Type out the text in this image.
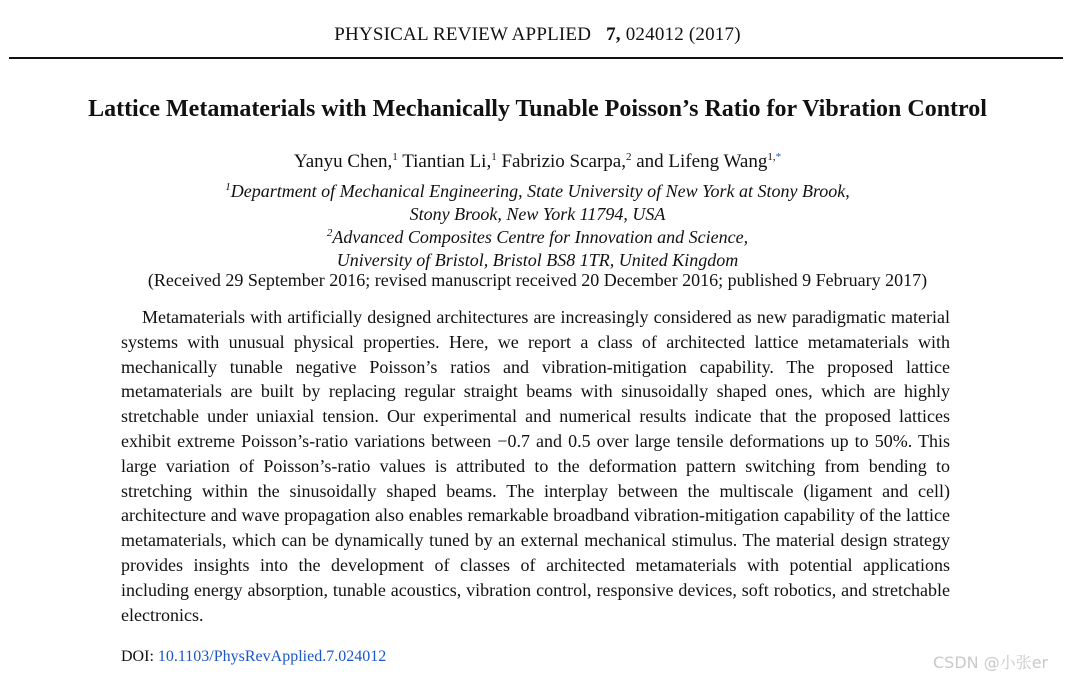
PHYSICAL REVIEW APPLIED 7, 024012 (2017)
Lattice Metamaterials with Mechanically Tunable Poisson’s Ratio for Vibration Control
Yanyu Chen,$^1$ Tiantian Li,$^1$ Fabrizio Scarpa,$^2$ and Lifeng Wang$^{1,*}$
$^1$Department of Mechanical Engineering, State University of New York at Stony Brook,
Stony Brook, New York 11794, USA
$^2$Advanced Composites Centre for Innovation and Science,
University of Bristol, Bristol BS8 1TR, United Kingdom
(Received 29 September 2016; revised manuscript received 20 December 2016; published 9 February 2017)

Metamaterials with artificially designed architectures are increasingly considered as new paradigmatic material systems with unusual physical properties. Here, we report a class of architected lattice metamaterials with mechanically tunable negative Poisson’s ratios and vibration-mitigation capability. The proposed lattice metamaterials are built by replacing regular straight beams with sinusoidally shaped ones, which are highly stretchable under uniaxial tension. Our experimental and numerical results indicate that the proposed lattices exhibit extreme Poisson’s-ratio variations between −0.7 and 0.5 over large tensile deformations up to 50%. This large variation of Poisson’s-ratio values is attributed to the deformation pattern switching from bending to stretching within the sinusoidally shaped beams. The interplay between the multiscale (ligament and cell) architecture and wave propagation also enables remarkable broadband vibration-mitigation capability of the lattice metamaterials, which can be dynamically tuned by an external mechanical stimulus. The material design strategy provides insights into the development of classes of architected metamaterials with potential applications including energy absorption, tunable acoustics, vibration control, responsive devices, soft robotics, and stretchable electronics.

DOI: 10.1103/PhysRevApplied.7.024012	CSDN @小张er
